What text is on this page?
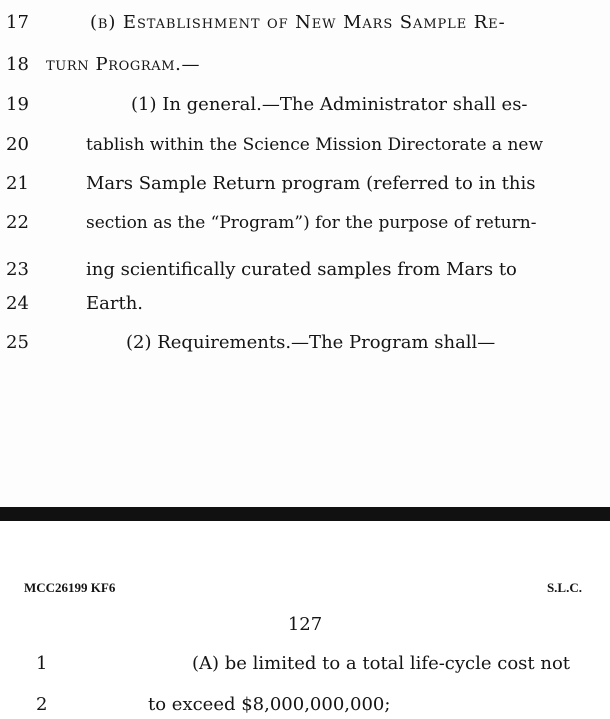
17	(b) Establishment of New Mars Sample Re-
18 turn Program.—
19	(1) In general.—The Administrator shall es-
20	tablish within the Science Mission Directorate a new
21	Mars Sample Return program (referred to in this
22	section as the “Program”) for the purpose of return-
23	ing scientifically curated samples from Mars to
24	Earth.
25	(2) Requirements.—The Program shall—
MCC26199 KF6	S.L.C.
127
1	(A) be limited to a total life-cycle cost not
2	to exceed $8,000,000,000;
